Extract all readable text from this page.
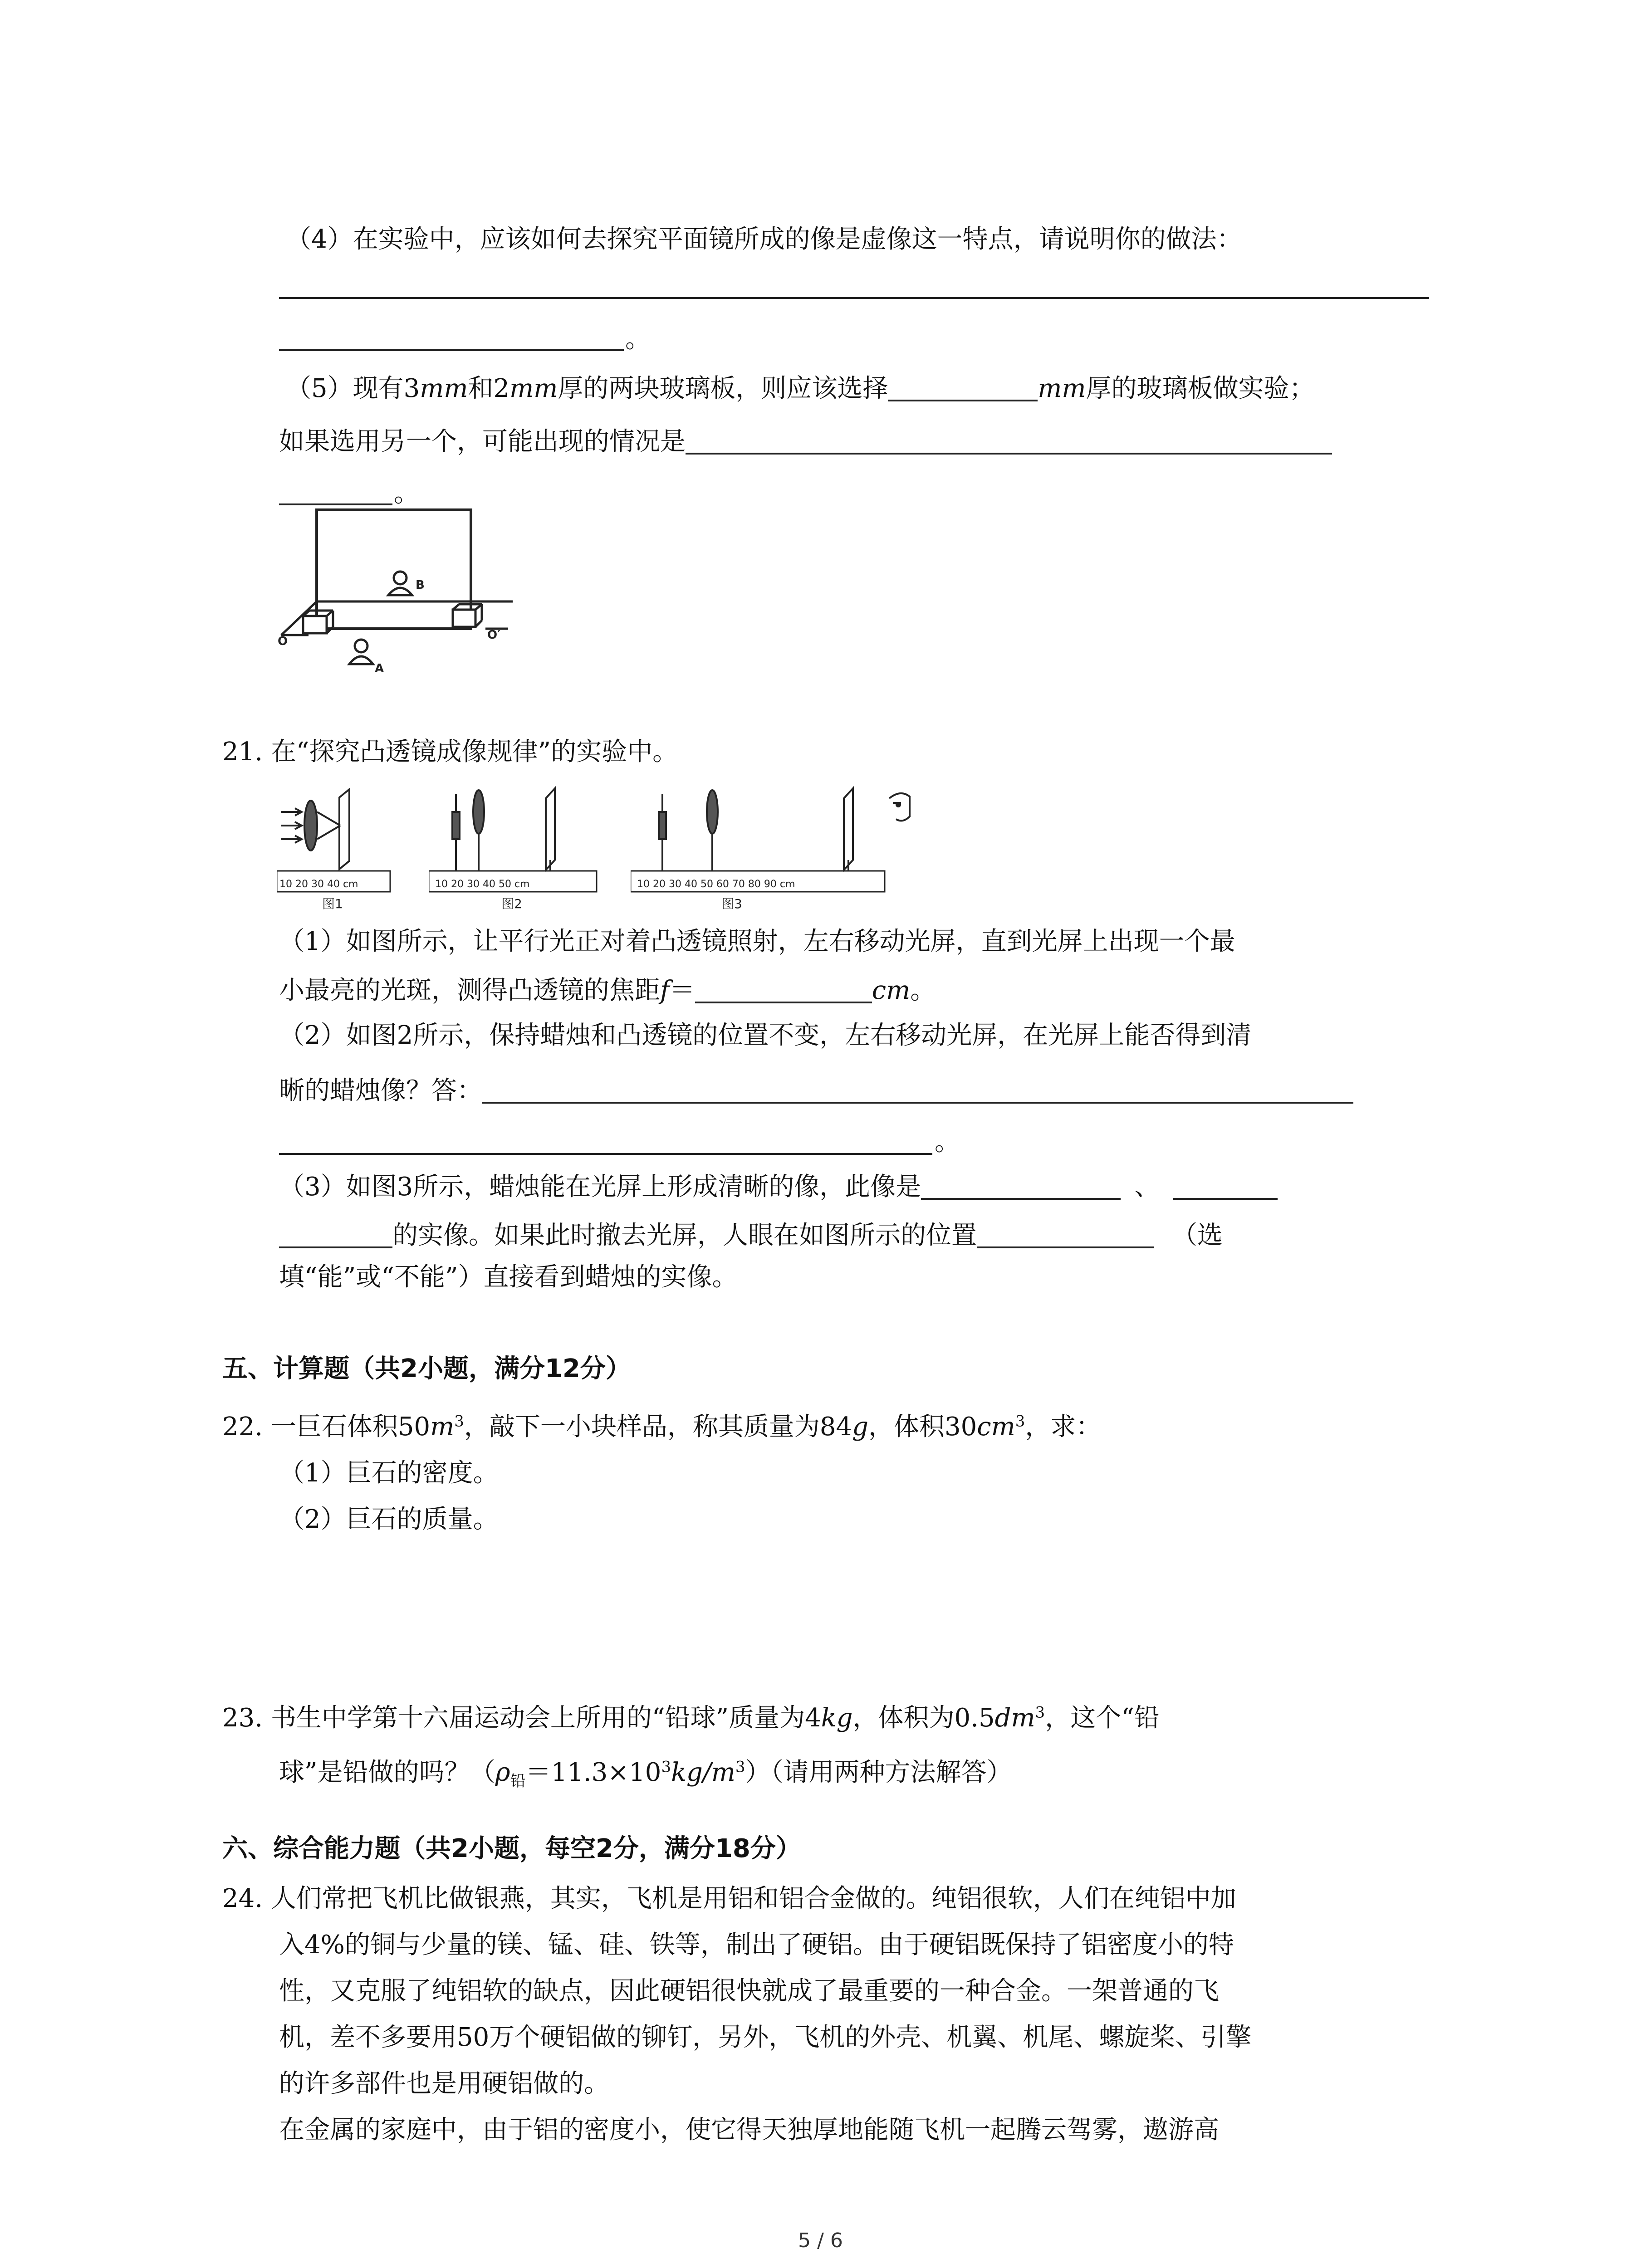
（4）在实验中，应该如何去探究平面镜所成的像是虚像这一特点，请说明你的做法：
。
（5）现有3mm和2mm厚的两块玻璃板，则应该选择	mm厚的玻璃板做实验；
如果选用另一个，可能出现的情况是
。
B
O	O′
A
21. 在“探究凸透镜成像规律”的实验中。
10 20 30 40 cm
图1
10 20 30 40 50 cm
图2
10 20 30 40 50 60 70 80 90 cm
图3
（1）如图所示，让平行光正对着凸透镜照射，左右移动光屏，直到光屏上出现一个最
小最亮的光斑，测得凸透镜的焦距f＝	cm。
（2）如图2所示，保持蜡烛和凸透镜的位置不变，左右移动光屏，在光屏上能否得到清
晰的蜡烛像？答：
。
（3）如图3所示，蜡烛能在光屏上形成清晰的像，此像是	、
的实像。如果此时撤去光屏，人眼在如图所示的位置	（选
填“能”或“不能”）直接看到蜡烛的实像。
五、计算题（共2小题，满分12分）
22. 一巨石体积$50m^3$，敲下一小块样品，称其质量为84g，体积$30cm^3$，求：
（1）巨石的密度。
（2）巨石的质量。
23. 书生中学第十六届运动会上所用的“铅球”质量为4kg，体积为$0.5dm^3$，这个“铅
球”是铅做的吗？$(\rho_铅=11.3\times 10^3kg/m^3)$（请用两种方法解答）
六、综合能力题（共2小题，每空2分，满分18分）
24. 人们常把飞机比做银燕，其实，飞机是用铝和铝合金做的。纯铝很软，人们在纯铝中加
入4%的铜与少量的镁、锰、硅、铁等，制出了硬铝。由于硬铝既保持了铝密度小的特
性，又克服了纯铝软的缺点，因此硬铝很快就成了最重要的一种合金。一架普通的飞
机，差不多要用50万个硬铝做的铆钉，另外，飞机的外壳、机翼、机尾、螺旋桨、引擎
的许多部件也是用硬铝做的。
在金属的家庭中，由于铝的密度小，使它得天独厚地能随飞机一起腾云驾雾，遨游高
5 / 6
